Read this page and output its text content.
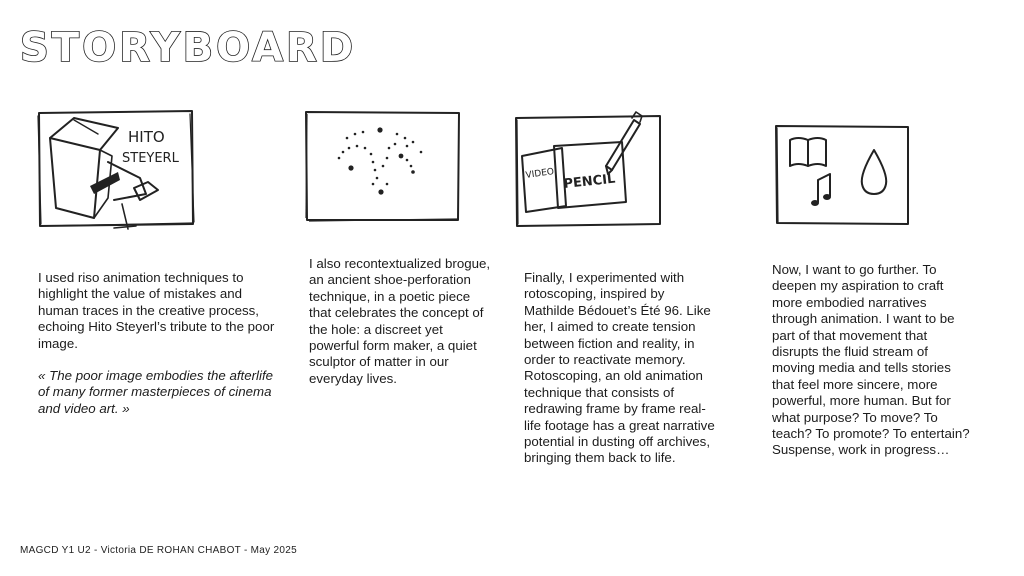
STORYBOARD
HITO
STEYERL
VIDEO PENCIL

I used riso animation techniques to highlight the value of mistakes and human traces in the creative process, echoing Hito Steyerl’s tribute to the poor image.

« The poor image embodies the afterlife of many former masterpieces of cinema and video art. »

I also recontextualized brogue, an ancient shoe-perforation technique, in a poetic piece that celebrates the concept of the hole: a discreet yet powerful form maker, a quiet sculptor of matter in our everyday lives.

Finally, I experimented with rotoscoping, inspired by Mathilde Bédouet’s Été 96. Like her, I aimed to create tension between fiction and reality, in order to reactivate memory. Rotoscoping, an old animation technique that consists of redrawing frame by frame real-life footage has a great narrative potential in dusting off archives, bringing them back to life.

Now, I want to go further. To deepen my aspiration to craft more embodied narratives through animation. I want to be part of that movement that disrupts the fluid stream of moving media and tells stories that feel more sincere, more powerful, more human. But for what purpose? To move? To teach? To promote? To entertain? Suspense, work in progress…

MAGCD Y1 U2 - Victoria DE ROHAN CHABOT - May 2025
